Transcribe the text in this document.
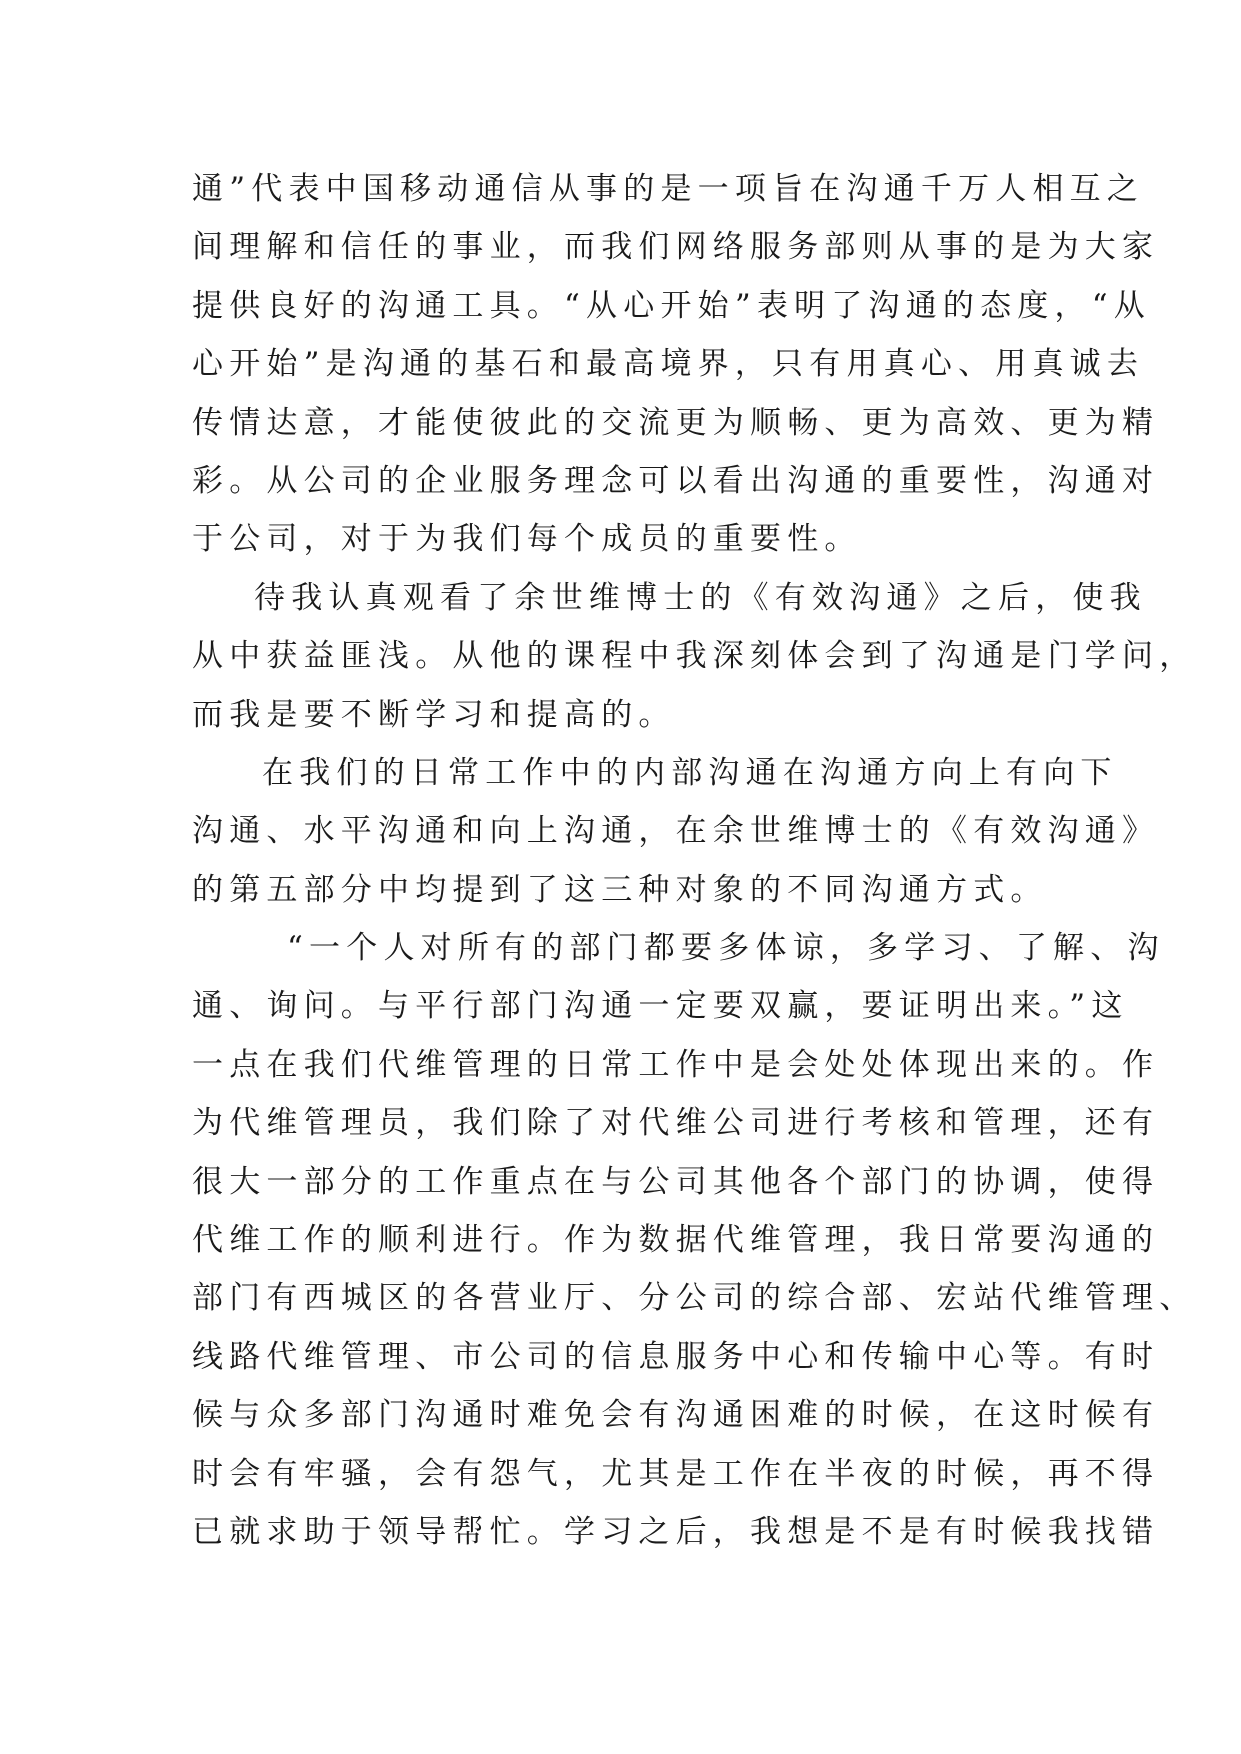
通”代表中国移动通信从事的是一项旨在沟通千万人相互之
间理解和信任的事业，而我们网络服务部则从事的是为大家
提供良好的沟通工具。“从心开始”表明了沟通的态度，“从
心开始”是沟通的基石和最高境界，只有用真心、用真诚去
传情达意，才能使彼此的交流更为顺畅、更为高效、更为精
彩。从公司的企业服务理念可以看出沟通的重要性，沟通对
于公司，对于为我们每个成员的重要性。
待我认真观看了余世维博士的《有效沟通》之后，使我
从中获益匪浅。从他的课程中我深刻体会到了沟通是门学问，
而我是要不断学习和提高的。
在我们的日常工作中的内部沟通在沟通方向上有向下
沟通、水平沟通和向上沟通，在余世维博士的《有效沟通》
的第五部分中均提到了这三种对象的不同沟通方式。
“一个人对所有的部门都要多体谅，多学习、了解、沟
通、询问。与平行部门沟通一定要双赢，要证明出来。”这
一点在我们代维管理的日常工作中是会处处体现出来的。作
为代维管理员，我们除了对代维公司进行考核和管理，还有
很大一部分的工作重点在与公司其他各个部门的协调，使得
代维工作的顺利进行。作为数据代维管理，我日常要沟通的
部门有西城区的各营业厅、分公司的综合部、宏站代维管理、
线路代维管理、市公司的信息服务中心和传输中心等。有时
候与众多部门沟通时难免会有沟通困难的时候，在这时候有
时会有牢骚，会有怨气，尤其是工作在半夜的时候，再不得
已就求助于领导帮忙。学习之后，我想是不是有时候我找错
